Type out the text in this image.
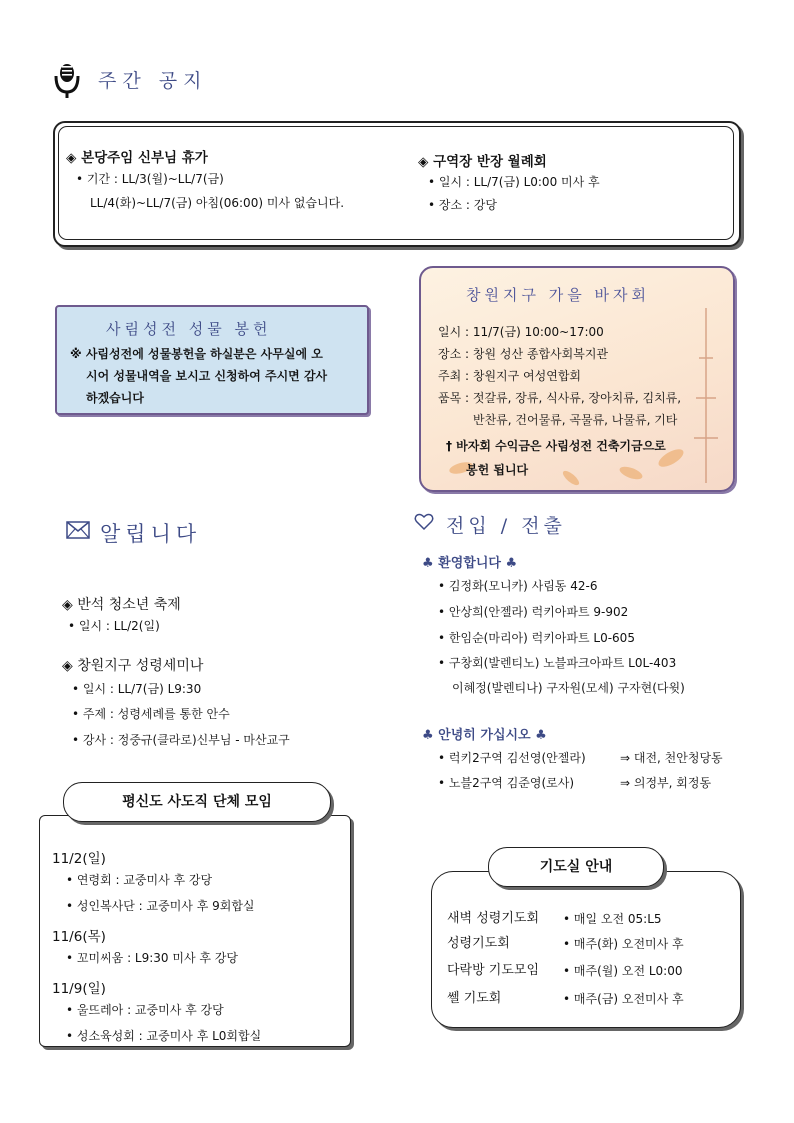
주간 공지
◈ 본당주임 신부님 휴가
• 기간 : LL/3(월)~LL/7(금)
LL/4(화)~LL/7(금) 아침(06:00) 미사 없습니다.
◈ 구역장 반장 월례회
• 일시 : LL/7(금) L0:00 미사 후
• 장소 : 강당
사림성전 성물 봉헌
※ 사림성전에 성물봉헌을 하실분은 사무실에 오
시어 성물내역을 보시고 신청하여 주시면 감사
하겠습니다
창원지구 가을 바자회
일시 : 11/7(금) 10:00~17:00
장소 : 창원 성산 종합사회복지관
주최 : 창원지구 여성연합회
품목 : 젓갈류, 장류, 식사류, 장아치류, 김치류,
반찬류, 건어물류, 곡물류, 나물류, 기타
† 바자회 수익금은 사림성전 건축기금으로
봉헌 됩니다
알립니다
◈ 반석 청소년 축제
• 일시 : LL/2(일)
◈ 창원지구 성령세미나
• 일시 : LL/7(금) L9:30
• 주제 : 성령세례를 통한 안수
• 강사 : 정중규(클라로)신부님 - 마산교구
전입 / 전출
♣ 환영합니다 ♣
• 김정화(모니카) 사림동 42-6
• 안상희(안젤라) 럭키아파트 9-902
• 한임순(마리아) 럭키아파트 L0-605
• 구창회(발렌티노) 노블파크아파트 L0L-403
이혜정(발렌티나) 구자원(모세) 구자현(다윗)
♣ 안녕히 가십시오 ♣
• 럭키2구역 김선영(안젤라)	⇒ 대전, 천안청당동
• 노블2구역 김준영(로사)	⇒ 의정부, 회정동
평신도 사도직 단체 모임
11/2(일)
• 연령회 : 교중미사 후 강당
• 성인복사단 : 교중미사 후 9회합실
11/6(목)
• 꼬미씨움 : L9:30 미사 후 강당
11/9(일)
• 울뜨레아 : 교중미사 후 강당
• 성소육성회 : 교중미사 후 L0회합실
기도실 안내
새벽 성령기도회 • 매일 오전 05:L5
성령기도회	• 매주(화) 오전미사 후
다락방 기도모임 • 매주(월) 오전 L0:00
쎌 기도회	• 매주(금) 오전미사 후
